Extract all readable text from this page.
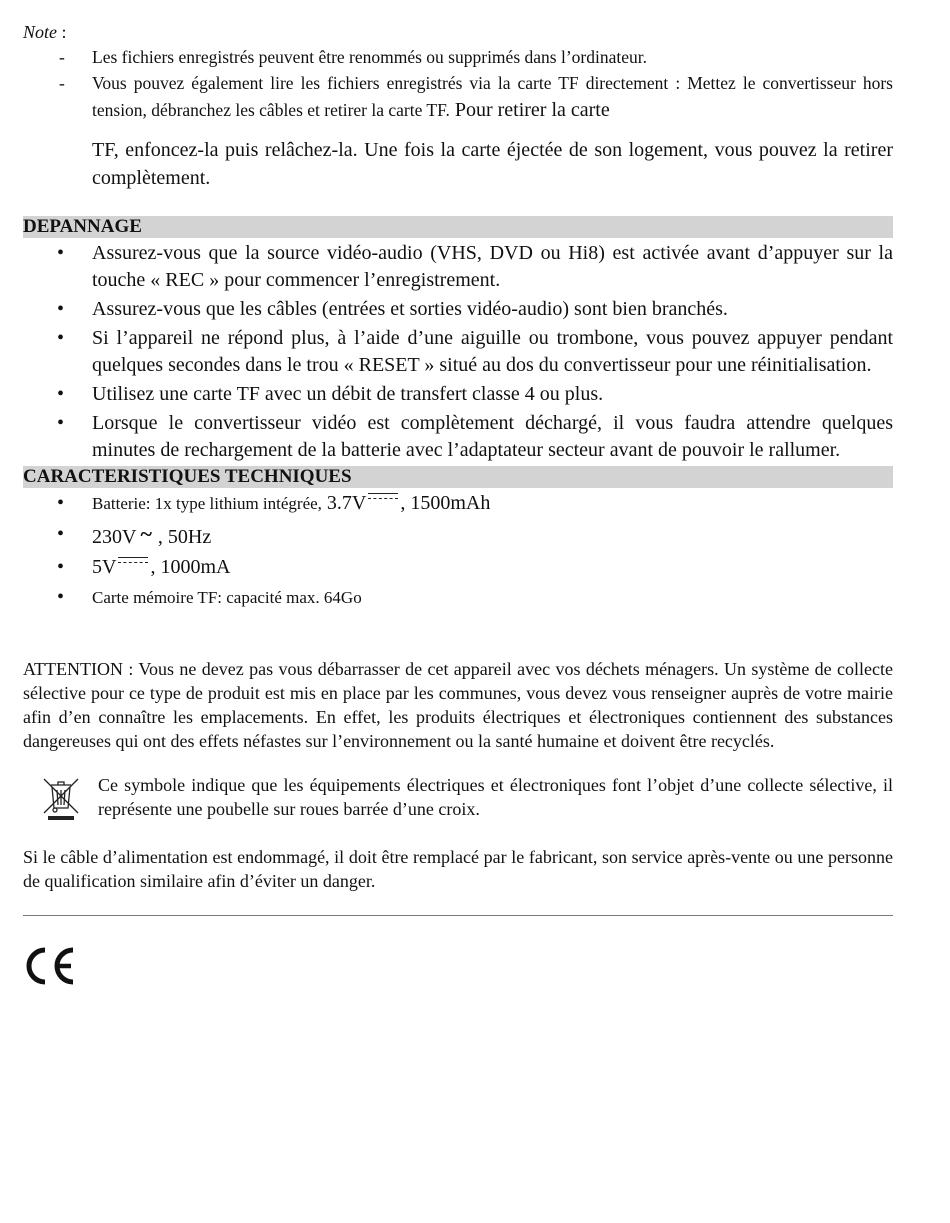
Note :
- Les fichiers enregistrés peuvent être renommés ou supprimés dans l’ordinateur.
- Vous pouvez également lire les fichiers enregistrés via la carte TF directement : Mettez le convertisseur hors tension, débranchez les câbles et retirer la carte TF. Pour retirer la carte
TF, enfoncez-la puis relâchez-la. Une fois la carte éjectée de son logement, vous pouvez la retirer complètement.
DEPANNAGE
• Assurez-vous que la source vidéo-audio (VHS, DVD ou Hi8) est activée avant d’appuyer sur la touche « REC » pour commencer l’enregistrement.
• Assurez-vous que les câbles (entrées et sorties vidéo-audio) sont bien branchés.
• Si l’appareil ne répond plus, à l’aide d’une aiguille ou trombone, vous pouvez appuyer pendant quelques secondes dans le trou « RESET » situé au dos du convertisseur pour une réinitialisation.
• Utilisez une carte TF avec un débit de transfert classe 4 ou plus.
• Lorsque le convertisseur vidéo est complètement déchargé, il vous faudra attendre quelques minutes de rechargement de la batterie avec l’adaptateur secteur avant de pouvoir le rallumer.
CARACTERISTIQUES TECHNIQUES
• Batterie: 1x type lithium intégrée, 3.7V , 1500mAh
• 230V ~ , 50Hz
• 5V , 1000mA
• Carte mémoire TF: capacité max. 64Go
ATTENTION : Vous ne devez pas vous débarrasser de cet appareil avec vos déchets ménagers. Un système de collecte sélective pour ce type de produit est mis en place par les communes, vous devez vous renseigner auprès de votre mairie afin d’en connaître les emplacements. En effet, les produits électriques et électroniques contiennent des substances dangereuses qui ont des effets néfastes sur l’environnement ou la santé humaine et doivent être recyclés.
Ce symbole indique que les équipements électriques et électroniques font l’objet d’une collecte sélective, il représente une poubelle sur roues barrée d’une croix.
Si le câble d’alimentation est endommagé, il doit être remplacé par le fabricant, son service après-vente ou une personne de qualification similaire afin d’éviter un danger.
